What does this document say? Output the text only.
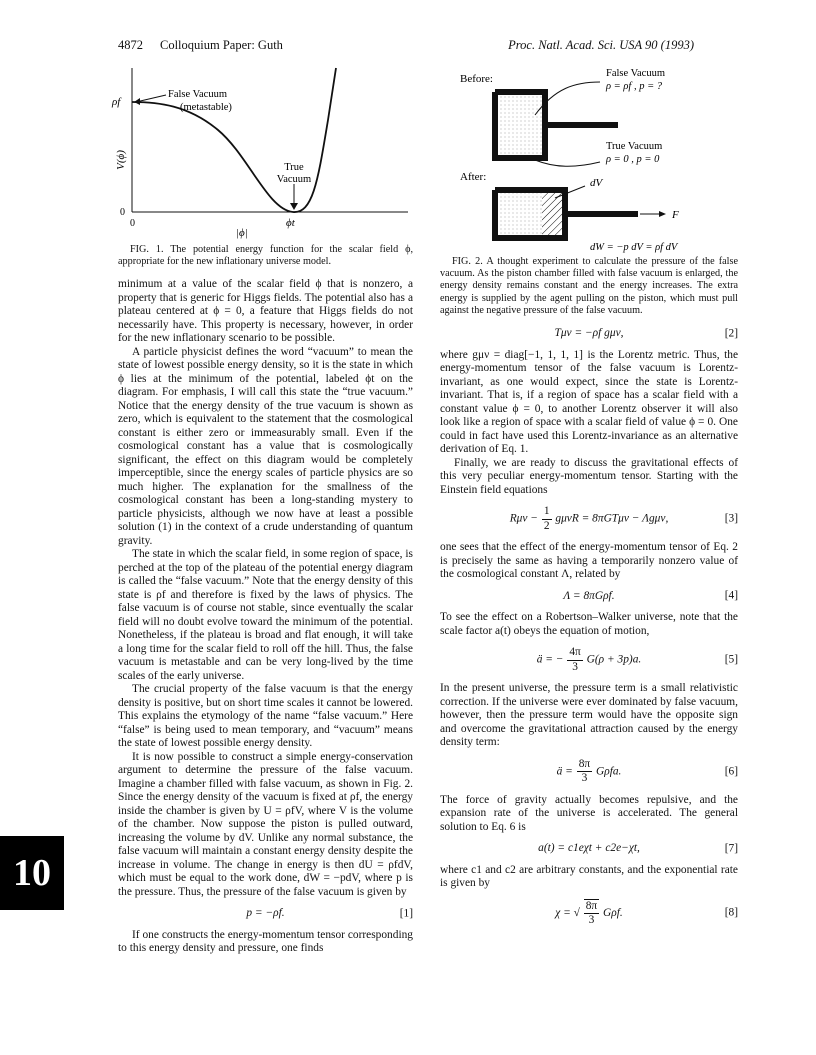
4872 Colloquium Paper: Guth	Proc. Natl. Acad. Sci. USA 90 (1993)
ρf
0
0	ϕt
|ϕ|
V(ϕ)
False Vacuum
(metastable)
True
Vacuum

FIG. 1. The potential energy function for the scalar field ϕ, appropriate for the new inflationary universe model.

minimum at a value of the scalar field ϕ that is nonzero, a property that is generic for Higgs fields. The potential also has a plateau centered at ϕ = 0, a feature that Higgs fields do not necessarily have. This property is necessary, however, in order for the new inflationary scenario to be possible.

A particle physicist defines the word “vacuum” to mean the state of lowest possible energy density, so it is the state in which ϕ lies at the minimum of the potential, labeled ϕt on the diagram. For emphasis, I will call this state the “true vacuum.” Notice that the energy density of the true vacuum is shown as zero, which is equivalent to the statement that the cosmological constant is either zero or immeasurably small. Even if the cosmological constant has a value that is cosmologically significant, the effect on this diagram would be completely imperceptible, since the energy scales of particle physics are so much higher. The explanation for the smallness of the cosmological constant has been a long-standing mystery to particle physicists, although we now have at least a possible solution (1) in the context of a crude understanding of quantum gravity.

The state in which the scalar field, in some region of space, is perched at the top of the plateau of the potential energy diagram is called the “false vacuum.” Note that the energy density of this state is ρf and therefore is fixed by the laws of physics. The false vacuum is of course not stable, since eventually the scalar field will no doubt evolve toward the minimum of the potential. Nonetheless, if the plateau is broad and flat enough, it will take a long time for the scalar field to roll off the hill. Thus, the false vacuum is metastable and can be very long-lived by the time scales of the early universe.

The crucial property of the false vacuum is that the energy density is positive, but on short time scales it cannot be lowered. This explains the etymology of the name “false vacuum.” Here “false” is being used to mean temporary, and “vacuum” means the state of lowest possible energy density.

It is now possible to construct a simple energy-conservation argument to determine the pressure of the false vacuum. Imagine a chamber filled with false vacuum, as shown in Fig. 2. Since the energy density of the vacuum is fixed at ρf, the energy inside the chamber is given by U = ρfV, where V is the volume of the chamber. Now suppose the piston is pulled outward, increasing the volume by dV. Unlike any normal substance, the false vacuum will maintain a constant energy density despite the increase in volume. The change in energy is then dU = ρfdV, which must be equal to the work done, dW = −pdV, where p is the pressure. Thus, the pressure of the false vacuum is given by

p = −ρf.	[1]

If one constructs the energy-momentum tensor corresponding to this energy density and pressure, one finds

Before:	False Vacuum
ρ = ρf , p = ?
True Vacuum
ρ = 0 , p = 0
After:
F
dV
dW = −p dV = ρf dV

FIG. 2. A thought experiment to calculate the pressure of the false vacuum. As the piston chamber filled with false vacuum is enlarged, the energy density remains constant and the energy increases. The extra energy is supplied by the agent pulling on the piston, which must pull against the negative pressure of the false vacuum.

Tμν = −ρf gμν,	[2]

where gμν = diag[−1, 1, 1, 1] is the Lorentz metric. Thus, the energy-momentum tensor of the false vacuum is Lorentz-invariant, as one would expect, since the state is Lorentz-invariant. That is, if a region of space has a scalar field with a constant value ϕ = 0, to another Lorentz observer it will also look like a region of space with a scalar field of value ϕ = 0. One could in fact have used this Lorentz-invariance as an alternative derivation of Eq. 1.

Finally, we are ready to discuss the gravitational effects of this very peculiar energy-momentum tensor. Starting with the Einstein field equations

$R\mu\nu - \frac{1}{2}$ gμνR = 8πGTμν − Λgμν,	[3]

one sees that the effect of the energy-momentum tensor of Eq. 2 is precisely the same as having a temporarily nonzero value of the cosmological constant Λ, related by

Λ = 8πGρf.	[4]

To see the effect on a Robertson–Walker universe, note that the scale factor a(t) obeys the equation of motion,

ä = − $\frac{4\pi}{3} G(\rho + 3p)a$.	[5]

In the present universe, the pressure term is a small relativistic correction. If the universe were ever dominated by false vacuum, however, then the pressure term would have the opposite sign and overcome the gravitational attraction caused by the energy density term:

ä = $\frac{8\pi}{3} G\rho fa$.	[6]

The force of gravity actually becomes repulsive, and the expansion rate of the universe is accelerated. The general solution to Eq. 6 is

a(t) = c1eχt + c2e−χt,	[7]

where c1 and c2 are arbitrary constants, and the exponential rate is given by

χ = √ $\frac{8\pi}{3} G\rho f$.	[8]
10
